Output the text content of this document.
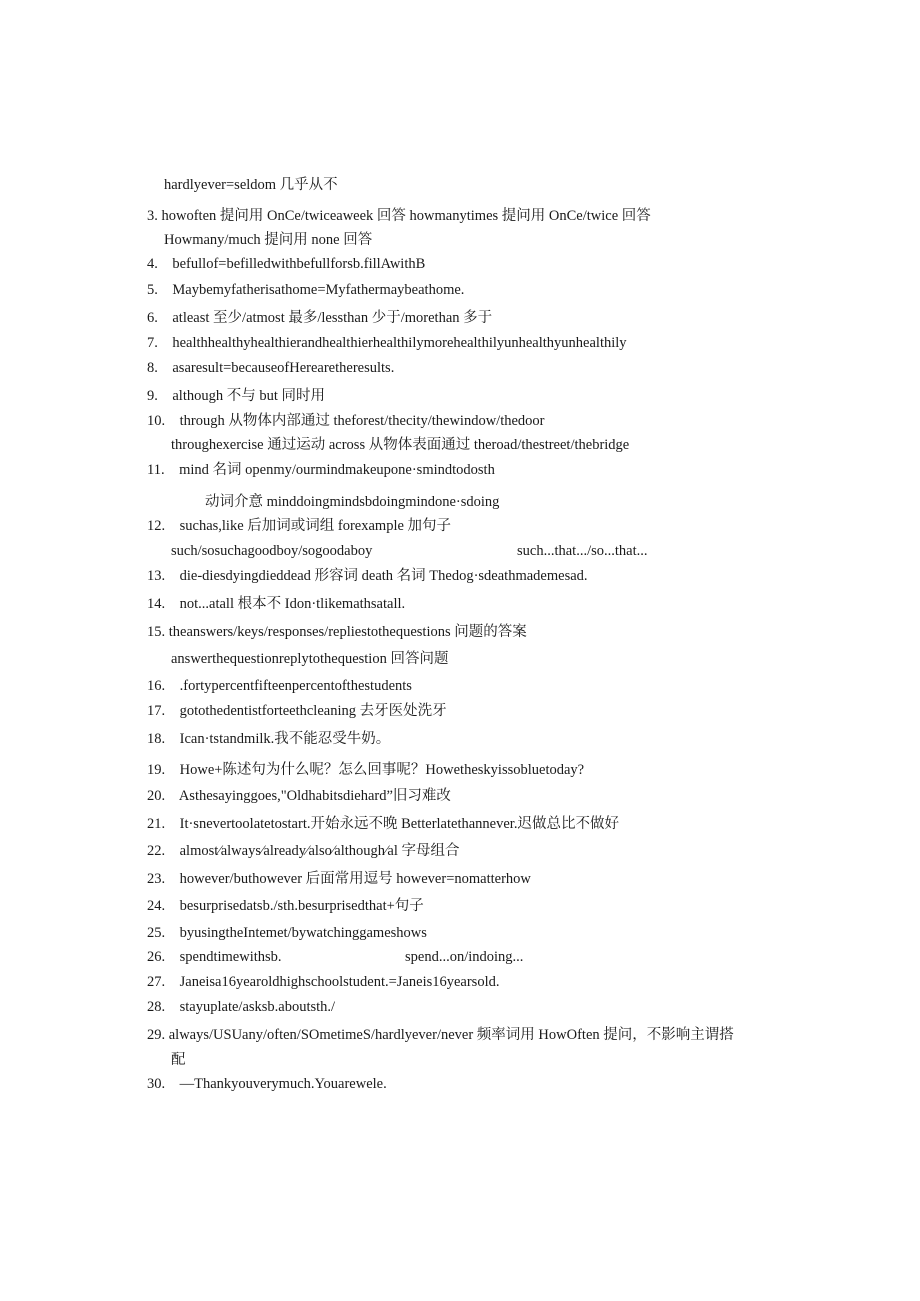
hardlyever=seldom 几乎从不
3. howoften 提问用 OnCe/twiceaweek 回答 howmanytimes 提问用 OnCe/twice 回答
Howmany/much 提问用 none 回答
4.    befullof=befilledwithbefullforsb.fillAwithB
5.    Maybemyfatherisathome=Myfathermaybeathome.
6.    atleast 至少/atmost 最多/lessthan 少于/morethan 多于
7.    healthhealthyhealthierandhealthierhealthilymorehealthilyunhealthyunhealthily
8.    asaresult=becauseofHerearetheresults.
9.    although 不与 but 同时用
10.    through 从物体内部通过 theforest/thecity/thewindow/thedoor
throughexercise 通过运动 across 从物体表面通过 theroad/thestreet/thebridge
11.    mind 名词 openmy/ourmindmakeupone·smindtodosth
动词介意 minddoingmindsbdoingmindone·sdoing
12.    suchas,like 后加词或词组 forexample 加句子
such/sosuchagoodboy/sogoodaboy	such...that.../so...that...
13.    die-diesdyingdieddead 形容词 death 名词 Thedog·sdeathmademesad.
14.    not...atall 根本不 Idon·tlikemathsatall.
15. theanswers/keys/responses/repliestothequestions 问题的答案
answerthequestionreplytothequestion 回答问题
16.    .fortypercentfifteenpercentofthestudents
17.    gotothedentistforteethcleaning 去牙医处洗牙
18.    Ican·tstandmilk.我不能忍受牛奶。
19.    Howe+陈述句为什么呢？怎么回事呢？Howetheskyissobluetoday?
20.    Asthesayinggoes,"Oldhabitsdiehard”旧习难改
21.    It·snevertoolatetostart.开始永远不晚 Betterlatethannever.迟做总比不做好
22.    almost⁄always⁄already⁄also⁄although⁄al 字母组合
23.    however/buthowever 后面常用逗号 however=nomatterhow
24.    besurprisedatsb./sth.besurprisedthat+句子
25.    byusingtheIntemet/bywatchinggameshows
26.    spendtimewithsb.	spend...on/indoing...
27.    Janeisa16yearoldhighschoolstudent.=Janeis16yearsold.
28.    stayuplate/asksb.aboutsth./
29. always/USUany/often/SOmetimeS/hardlyever/never 频率词用 HowOften 提问，不影响主谓搭
配
30.    —Thankyouverymuch.Youarewele.
